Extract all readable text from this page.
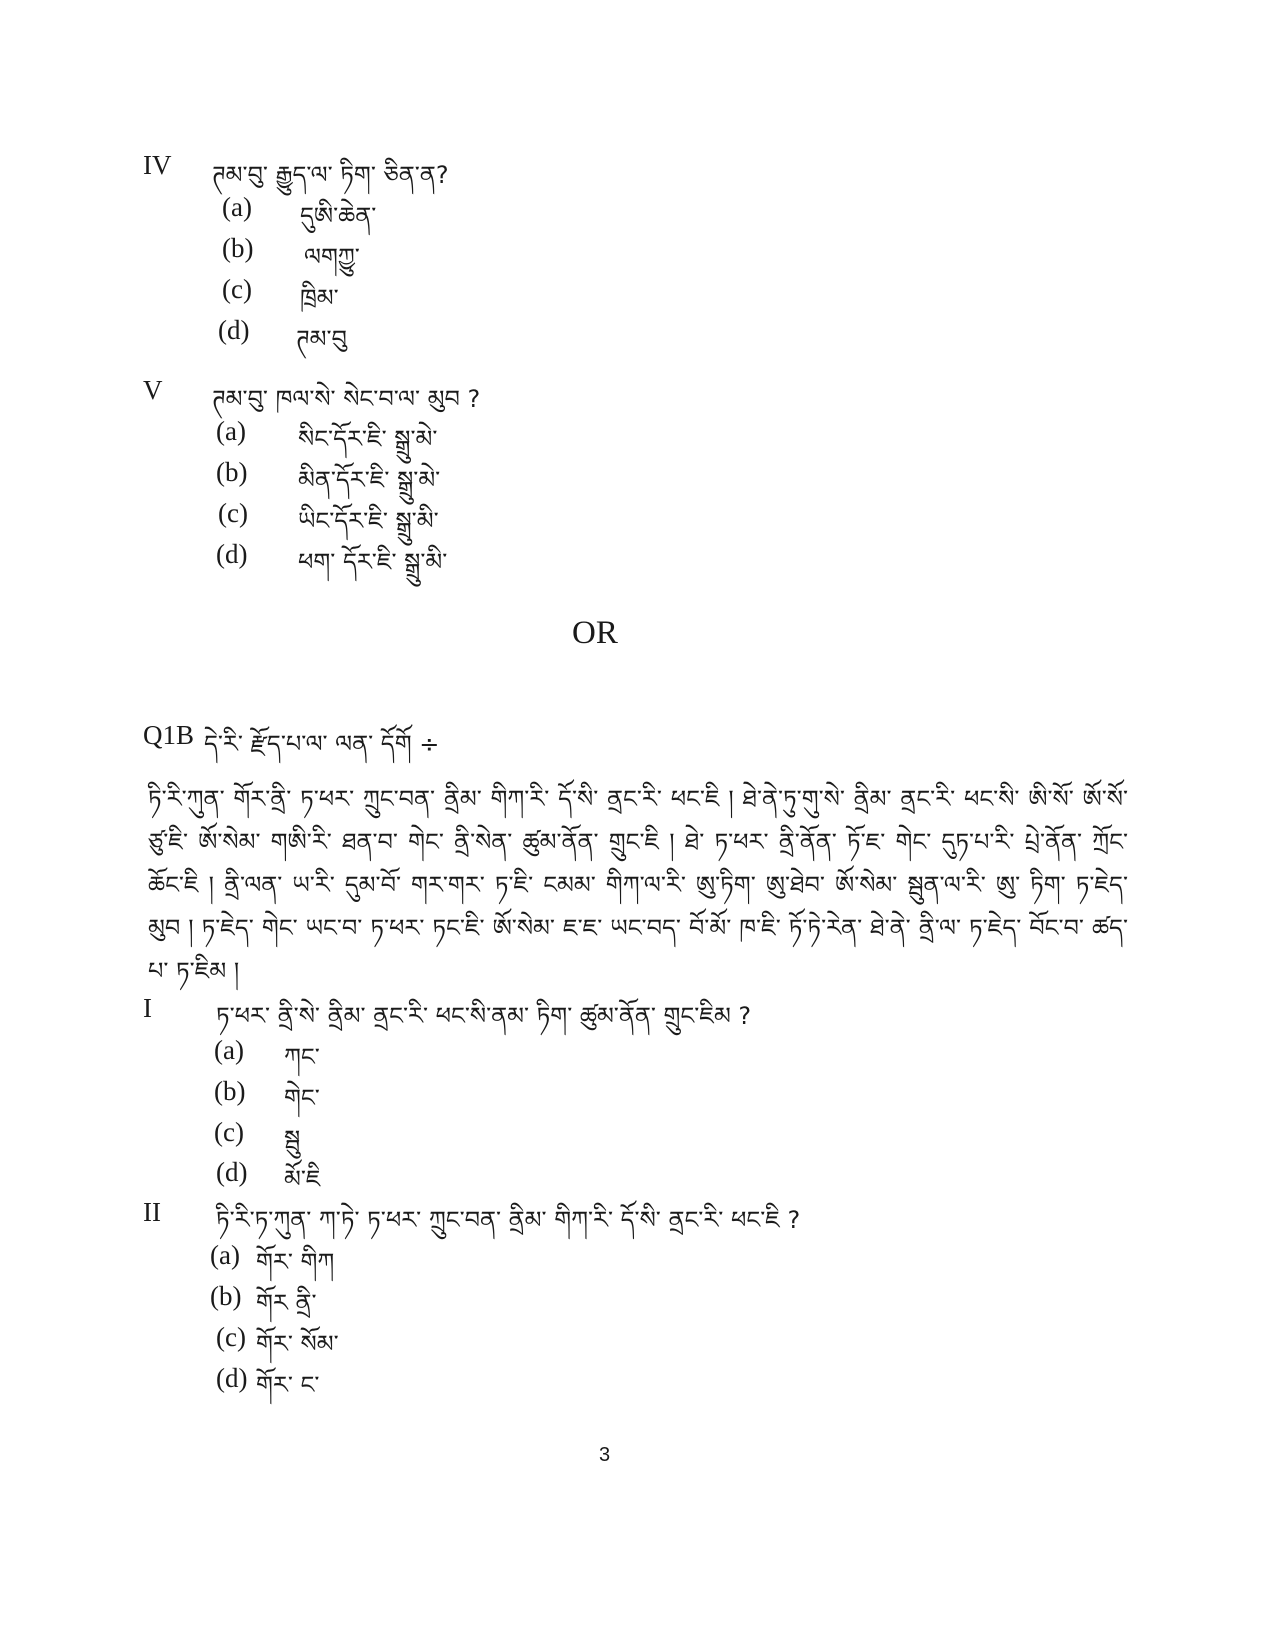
IV ཊམ་བུ་ རྒྱུད་ལ་ ཏིག་ ཅིན་ན?
(a) དུཨི་ཆེན་
(b) ལགཀྱུ་
(c) ཁྲིམ་
(d) ཊམ་བུ
V ཊམ་བུ་ ཁལ་སེ་ སེང་བ་ལ་ མུབ ?
(a) སིང་དོར་ཇི་ སྒྲུ་མེ་
(b) མིན་དོར་ཇི་ སྒྲུ་མེ་
(c) ཡིང་དོར་ཇི་ སྒྲུ་མི་
(d) ཕག་ དོར་ཇི་ སྒྲུ་མི་
OR
Q1B དེ་རི་ རྫོད་པ་ལ་ ལན་ དོགོ ÷
ཏི་རི་ཀུན་ གོར་ནྲི་ ཏ་ཕར་ ཀྲུང་བན་ ནྲིམ་ གིཀ་རི་ དོ་སི་ ནྲང་རི་ ཕང་ཇི ། ཐེ་ནེ་ཏུ་གུ་སེ་ ནྲིམ་ ནྲང་རི་ ཕང་སི་ ཨི་སོ་ ཨོ་སོ་ ཙུ་ཇི་ ཨོ་སེམ་ གཨི་རི་ ཐན་བ་ གེང་ ནྲི་སེན་ ཚུམ་ནོན་ གྲུང་ཇི ། ཐེ་ ཏ་ཕར་ ནྲི་ནོན་ ཏོ་ཇ་ གེང་ དུཏ་པ་རི་ པྲེ་ནོན་ ཀྲོང་ ཆོང་ཇི ། ནྲི་ལན་ ཡ་རི་ དུམ་བོ་ གར་གར་ ཏ་ཇི་ ངམམ་ གིཀ་ལ་རི་ ཨུ་ཏིག་ ཨུ་ཐེབ་ ཨོ་སེམ་ སྦུན་ལ་རི་ ཨུ་ ཏིག་ ཏ་ཇེད་ མུབ ། ཏ་ཇེད་ གེང་ ཡང་བ་ ཏ་ཕར་ ཏང་ཇི་ ཨོ་སེམ་ ཇ་ཇ་ ཡང་བད་ བོ་མོ་ ཁ་ཇི་ ཏོ་ཏེ་རེན་ ཐེ་ནེ་ ནྲི་ལ་ ཏ་ཇེད་ བོང་བ་ ཚད་པ་ ཏ་ཇིམ །
I	ཏ་ཕར་ ནྲི་སེ་ ནྲིམ་ ནྲང་རི་ ཕང་སི་ནམ་ ཏིག་ ཚུམ་ནོན་ གྲུང་ཇིམ ?
(a) ཀང་
(b) གེང་
(c) སྦུ
(d) མོ་ཇི
II ཏི་རི་ཏ་ཀུན་ ཀ་ཏེ་ ཏ་ཕར་ ཀྲུང་བན་ ནྲིམ་ གིཀ་རི་ དོ་སི་ ནྲང་རི་ ཕང་ཇི ?
(a) གོར་ གིཀ
(b) གོར ནྲི་
(c) གོར་ སོམ་
(d) གོར་ ང་
3
